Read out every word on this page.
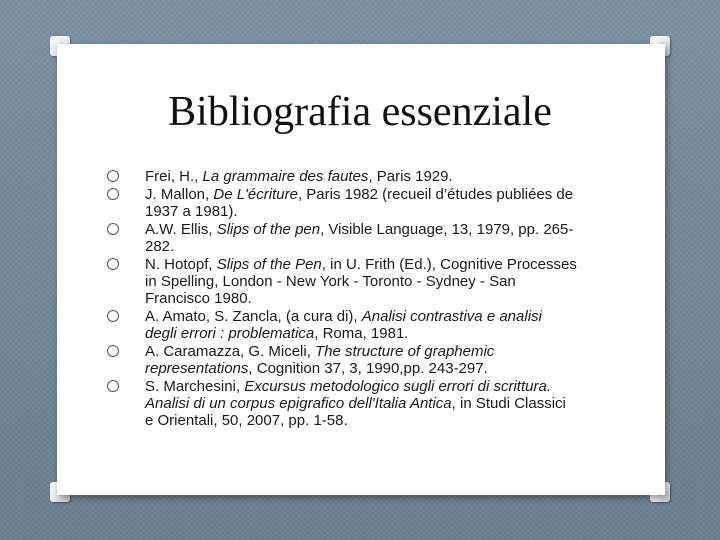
Bibliografia essenziale
Frei, H., La grammaire des fautes, Paris 1929.
J. Mallon, De L'écriture, Paris 1982 (recueil d’études publiées de 1937 a 1981).
A.W. Ellis, Slips of the pen, Visible Language, 13, 1979, pp. 265-282.
N. Hotopf, Slips of the Pen, in U. Frith (Ed.), Cognitive Processes in Spelling, London - New York - Toronto - Sydney - San Francisco 1980.
A. Amato, S. Zancla, (a cura di), Analisi contrastiva e analisi degli errori : problematica, Roma, 1981.
A. Caramazza, G. Miceli, The structure of graphemic representations, Cognition 37, 3, 1990,pp. 243-297.
S. Marchesini, Excursus metodologico sugli errori di scrittura. Analisi di un corpus epigrafico dell'Italia Antica, in Studi Classici e Orientali, 50, 2007, pp. 1-58.
